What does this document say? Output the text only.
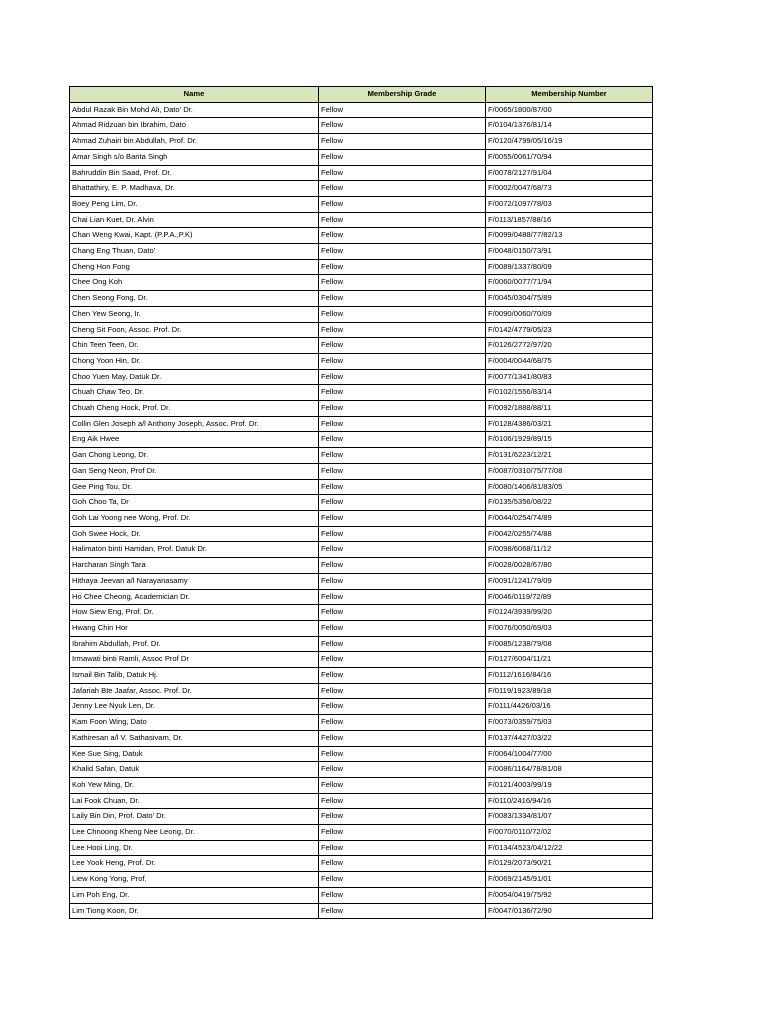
Name	Membership Grade	Membership Number
Abdul Razak Bin Mohd Ali, Dato' Dr.	Fellow	F/0065/1800/87/00
Ahmad Ridzuan bin Ibrahim, Dato	Fellow	F/0104/1376/81/14
Ahmad Zuhairi bin Abdullah, Prof. Dr.	Fellow	F/0120/4799/05/16/19
Amar Singh s/o Banta Singh	Fellow	F/0055/0061/70/94
Bahruddin Bin Saad, Prof. Dr.	Fellow	F/0078/2127/91/04
Bhattathiry, E. P. Madhava, Dr.	Fellow	F/0002/0047/68/73
Boey Peng Lim, Dr.	Fellow	F/0072/1097/78/03
Chai Lian Kuet, Dr. Alvin	Fellow	F/0113/1857/88/16
Chan Weng Kwai, Kapt. (P.P.A.,P.K)	Fellow	F/0099/0488/77/82/13
Chang Eng Thuan, Dato'	Fellow	F/0048/0150/73/91
Cheng Hon Fong	Fellow	F/0089/1337/80/09
Chee Ong Koh	Fellow	F/0060/0077/71/94
Chen Seong Fong, Dr.	Fellow	F/0045/0304/75/89
Chen Yew Seong, Ir.	Fellow	F/0090/0060/70/09
Cheng Sit Foon, Assoc. Prof. Dr.	Fellow	F/0142/4779/05/23
Chin Teen Teen, Dr.	Fellow	F/0126/2772/97/20
Chong Yoon Hin, Dr.	Fellow	F/0004/0044/68/75
Choo Yuen May, Datuk Dr.	Fellow	F/0077/1341/80/83
Chuah Chaw Teo, Dr.	Fellow	F/0102/1556/83/14
Chuah Cheng Hock, Prof. Dr.	Fellow	F/0092/1888/88/11
Collin Glen Joseph a/l Anthony Joseph, Assoc. Prof. Dr.	Fellow	F/0128/4386/03/21
Eng Aik Hwee	Fellow	F/0106/1929/89/15
Gan Chong Leong, Dr.	Fellow	F/0131/6223/12/21
Gan Seng Neon, Prof Dr.	Fellow	F/0087/0310/75/77/08
Gee Ping Tou, Dr.	Fellow	F/0080/1406/81/83/05
Goh Choo Ta, Dr	Fellow	F/0135/5356/08/22
Goh Lai Yoong nee Wong, Prof. Dr.	Fellow	F/0044/0254/74/89
Goh Swee Hock, Dr.	Fellow	F/0042/0255/74/88
Halimaton binti Hamdan, Prof. Datuk Dr.	Fellow	F/0098/6068/11/12
Harcharan Singh Tara	Fellow	F/0028/0028/67/80
Hithaya Jeevan a/l Narayanasamy	Fellow	F/0091/1241/79/09
Ho Chee Cheong, Academician Dr.	Fellow	F/0046/0119/72/89
How Siew Eng, Prof. Dr.	Fellow	F/0124/3939/99/20
Hwang Chin Hor	Fellow	F/0076/0050/69/03
Ibrahim Abdullah, Prof. Dr.	Fellow	F/0085/1238/79/08
Irmawati binti Ramli, Assoc Prof Dr	Fellow	F/0127/6004/11/21
Ismail Bin Talib, Datuk Hj.	Fellow	F/0112/1616/84/16
Jafariah Bte Jaafar, Assoc. Prof. Dr.	Fellow	F/0119/1923/89/18
Jenny Lee Nyuk Len, Dr.	Fellow	F/0111/4426/03/16
Kam Foon Wing, Dato	Fellow	F/0073/0359/75/03
Kathiresan a/l V. Sathasivam, Dr.	Fellow	F/0137/4427/03/22
Kee Sue Sing, Datuk	Fellow	F/0064/1004/77/00
Khalid Safan, Datuk	Fellow	F/0086/1164/78/81/08
Koh Yew Ming, Dr.	Fellow	F/0121/4003/99/19
Lai Fook Chuan, Dr.	Fellow	F/0110/2416/94/16
Laily Bin Din, Prof. Dato' Dr.	Fellow	F/0083/1334/81/07
Lee Chnoong Kheng Nee Leong, Dr.	Fellow	F/0070/0110/72/02
Lee Hooi Ling, Dr.	Fellow	F/0134/4523/04/12/22
Lee Yook Heng, Prof. Dr.	Fellow	F/0129/2073/90/21
Liew Kong Yong, Prof.	Fellow	F/0069/2145/91/01
Lim Poh Eng, Dr.	Fellow	F/0054/0419/75/92
Lim Tiong Koon, Dr.	Fellow	F/0047/0136/72/90
